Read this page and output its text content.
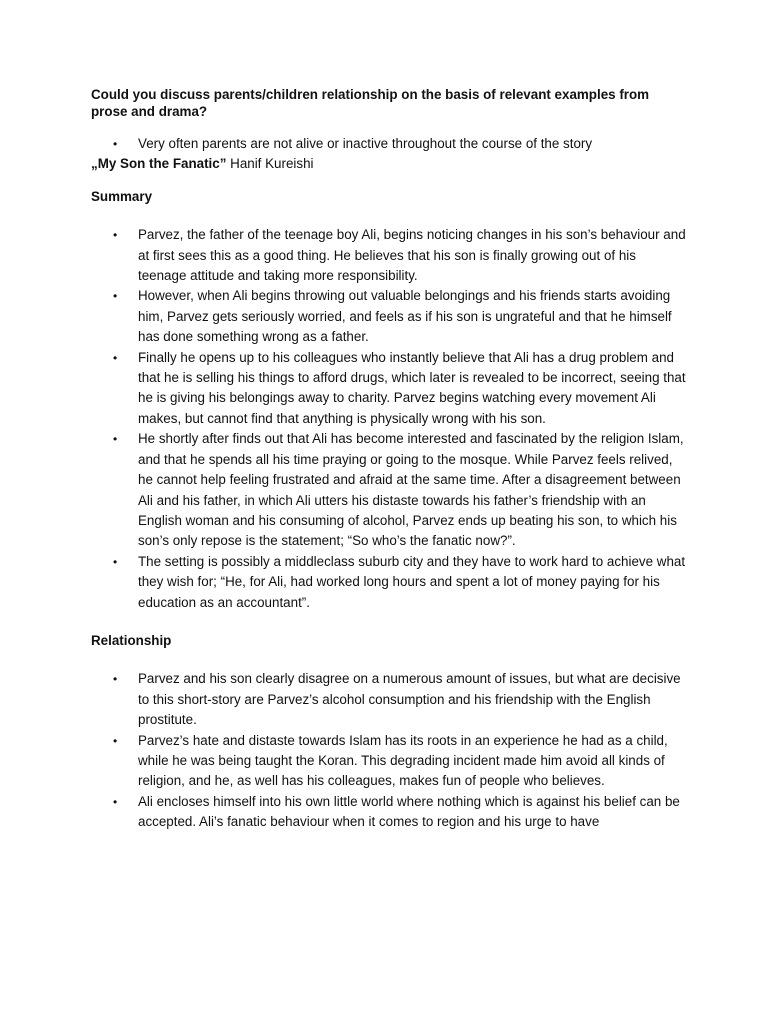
Could you discuss parents/children relationship on the basis of relevant examples from prose and drama?

• Very often parents are not alive or inactive throughout the course of the story

„My Son the Fanatic” Hanif Kureishi

Summary

• Parvez, the father of the teenage boy Ali, begins noticing changes in his son’s behaviour and at first sees this as a good thing. He believes that his son is finally growing out of his teenage attitude and taking more responsibility.
• However, when Ali begins throwing out valuable belongings and his friends starts avoiding him, Parvez gets seriously worried, and feels as if his son is ungrateful and that he himself has done something wrong as a father.
• Finally he opens up to his colleagues who instantly believe that Ali has a drug problem and that he is selling his things to afford drugs, which later is revealed to be incorrect, seeing that he is giving his belongings away to charity. Parvez begins watching every movement Ali makes, but cannot find that anything is physically wrong with his son.
• He shortly after finds out that Ali has become interested and fascinated by the religion Islam, and that he spends all his time praying or going to the mosque. While Parvez feels relived, he cannot help feeling frustrated and afraid at the same time. After a disagreement between Ali and his father, in which Ali utters his distaste towards his father’s friendship with an English woman and his consuming of alcohol, Parvez ends up beating his son, to which his son’s only repose is the statement; “So who’s the fanatic now?”.
• The setting is possibly a middleclass suburb city and they have to work hard to achieve what they wish for; “He, for Ali, had worked long hours and spent a lot of money paying for his education as an accountant”.

Relationship

• Parvez and his son clearly disagree on a numerous amount of issues, but what are decisive to this short-story are Parvez’s alcohol consumption and his friendship with the English prostitute.
• Parvez’s hate and distaste towards Islam has its roots in an experience he had as a child, while he was being taught the Koran. This degrading incident made him avoid all kinds of religion, and he, as well has his colleagues, makes fun of people who believes.
• Ali encloses himself into his own little world where nothing which is against his belief can be accepted. Ali’s fanatic behaviour when it comes to region and his urge to have
